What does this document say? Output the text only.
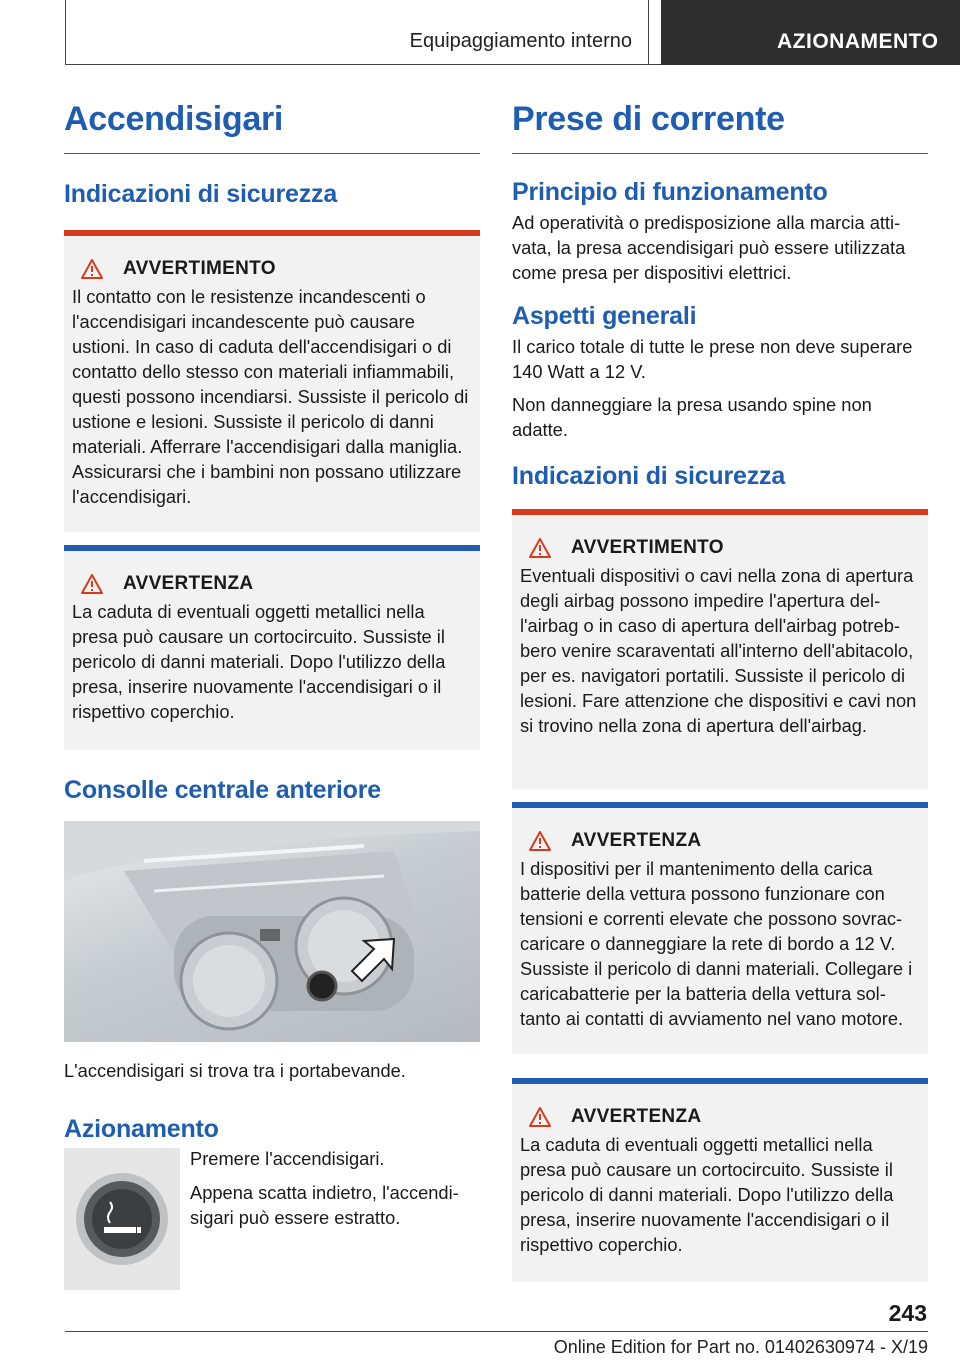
Equipaggiamento interno	AZIONAMENTO
Accendisigari
Indicazioni di sicurezza
AVVERTIMENTO

Il contatto con le resistenze incandescenti o l'accendisigari incandescente può causare ustioni. In caso di caduta dell'accendisigari o di contatto dello stesso con materiali infiammabili, questi possono incendiarsi. Sussiste il pericolo di ustione e lesioni. Sussiste il pericolo di danni materiali. Afferrare l'accendisigari dalla maniglia. Assicurarsi che i bambini non possano utilizzare l'accendisigari.

AVVERTENZA

La caduta di eventuali oggetti metallici nella presa può causare un cortocircuito. Sussiste il pericolo di danni materiali. Dopo l'utilizzo della presa, inserire nuovamente l'accendisigari o il rispettivo coperchio.

Consolle centrale anteriore

L'accendisigari si trova tra i portabevande.

Azionamento

Premere l'accendisigari.

Appena scatta indietro, l'accendisigari può essere estratto.

Prese di corrente
Principio di funzionamento

Ad operatività o predisposizione alla marcia attivata, la presa accendisigari può essere utilizzata come presa per dispositivi elettrici.

Aspetti generali

Il carico totale di tutte le prese non deve superare 140 Watt a 12 V.

Non danneggiare la presa usando spine non adatte.

Indicazioni di sicurezza
AVVERTIMENTO

Eventuali dispositivi o cavi nella zona di apertura degli airbag possono impedire l'apertura dell'airbag o in caso di apertura dell'airbag potrebbero venire scaraventati all'interno dell'abitacolo, per es. navigatori portatili. Sussiste il pericolo di lesioni. Fare attenzione che dispositivi e cavi non si trovino nella zona di apertura dell'airbag.

AVVERTENZA

I dispositivi per il mantenimento della carica batterie della vettura possono funzionare con tensioni e correnti elevate che possono sovraccaricare o danneggiare la rete di bordo a 12 V. Sussiste il pericolo di danni materiali. Collegare i caricabatterie per la batteria della vettura soltanto ai contatti di avviamento nel vano motore.

AVVERTENZA

La caduta di eventuali oggetti metallici nella presa può causare un cortocircuito. Sussiste il pericolo di danni materiali. Dopo l'utilizzo della presa, inserire nuovamente l'accendisigari o il rispettivo coperchio.

243
Online Edition for Part no. 01402630974 - X/19
